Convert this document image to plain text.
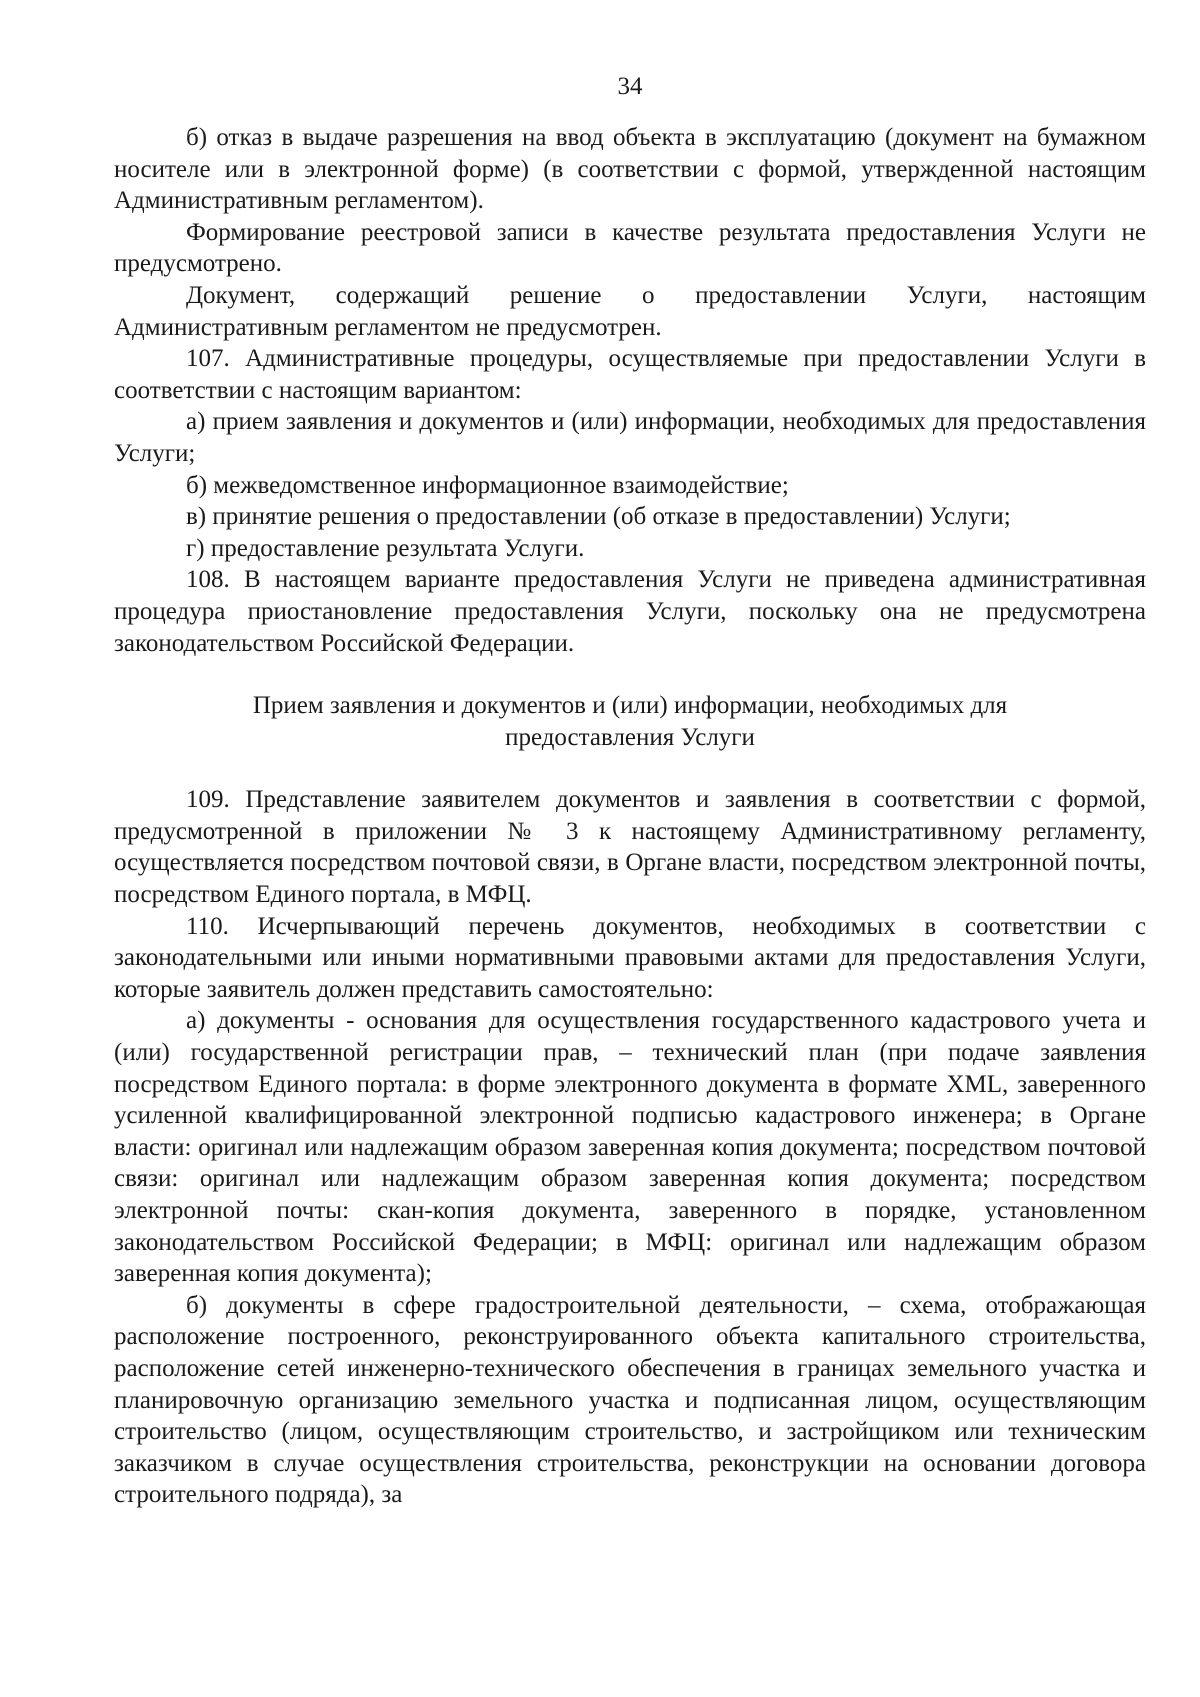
34

б) отказ в выдаче разрешения на ввод объекта в эксплуатацию (документ на бумажном носителе или в электронной форме) (в соответствии с формой, утвержденной настоящим Административным регламентом).

Формирование реестровой записи в качестве результата предоставления Услуги не предусмотрено.

Документ, содержащий решение о предоставлении Услуги, настоящим Административным регламентом не предусмотрен.

107. Административные процедуры, осуществляемые при предоставлении Услуги в соответствии с настоящим вариантом:

а) прием заявления и документов и (или) информации, необходимых для предоставления Услуги;

б) межведомственное информационное взаимодействие;

в) принятие решения о предоставлении (об отказе в предоставлении) Услуги;

г) предоставление результата Услуги.

108. В настоящем варианте предоставления Услуги не приведена административная процедура приостановление предоставления Услуги, поскольку она не предусмотрена законодательством Российской Федерации.

Прием заявления и документов и (или) информации, необходимых для

предоставления Услуги

109. Представление заявителем документов и заявления в соответствии с формой, предусмотренной в приложении № 3 к настоящему Административному регламенту, осуществляется посредством почтовой связи, в Органе власти, посредством электронной почты, посредством Единого портала, в МФЦ.

110. Исчерпывающий перечень документов, необходимых в соответствии с законодательными или иными нормативными правовыми актами для предоставления Услуги, которые заявитель должен представить самостоятельно:

а) документы - основания для осуществления государственного кадастрового учета и (или) государственной регистрации прав, – технический план (при подаче заявления посредством Единого портала: в форме электронного документа в формате XML, заверенного усиленной квалифицированной электронной подписью кадастрового инженера; в Органе власти: оригинал или надлежащим образом заверенная копия документа; посредством почтовой связи: оригинал или надлежащим образом заверенная копия документа; посредством электронной почты: скан-копия документа, заверенного в порядке, установленном законодательством Российской Федерации; в МФЦ: оригинал или надлежащим образом заверенная копия документа);

б) документы в сфере градостроительной деятельности, – схема, отображающая расположение построенного, реконструированного объекта капитального строительства, расположение сетей инженерно-технического обеспечения в границах земельного участка и планировочную организацию земельного участка и подписанная лицом, осуществляющим строительство (лицом, осуществляющим строительство, и застройщиком или техническим заказчиком в случае осуществления строительства, реконструкции на основании договора строительного подряда), за
